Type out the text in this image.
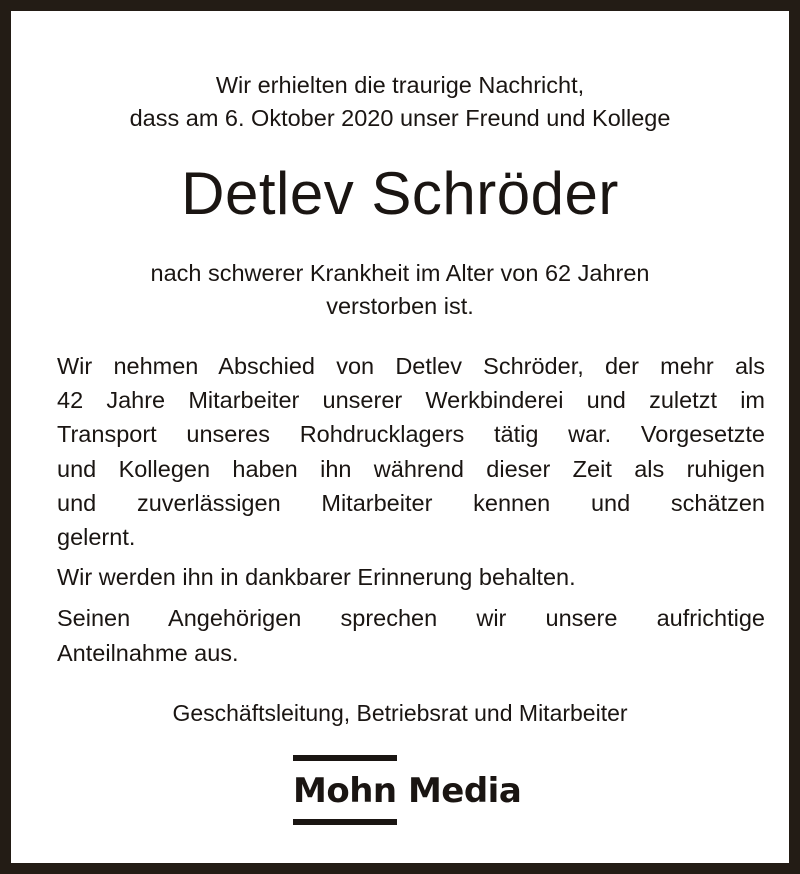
Wir erhielten die traurige Nachricht,
dass am 6. Oktober 2020 unser Freund und Kollege
Detlev Schröder
nach schwerer Krankheit im Alter von 62 Jahren
verstorben ist.

Wir nehmen Abschied von Detlev Schröder, der mehr als
42 Jahre Mitarbeiter unserer Werkbinderei und zuletzt im
Transport unseres Rohdrucklagers tätig war. Vorgesetzte
und Kollegen haben ihn während dieser Zeit als ruhigen
und zuverlässigen Mitarbeiter kennen und schätzen
gelernt.

Wir werden ihn in dankbarer Erinnerung behalten.

Seinen Angehörigen sprechen wir unsere aufrichtige
Anteilnahme aus.

Geschäftsleitung, Betriebsrat und Mitarbeiter
Mohn Media
